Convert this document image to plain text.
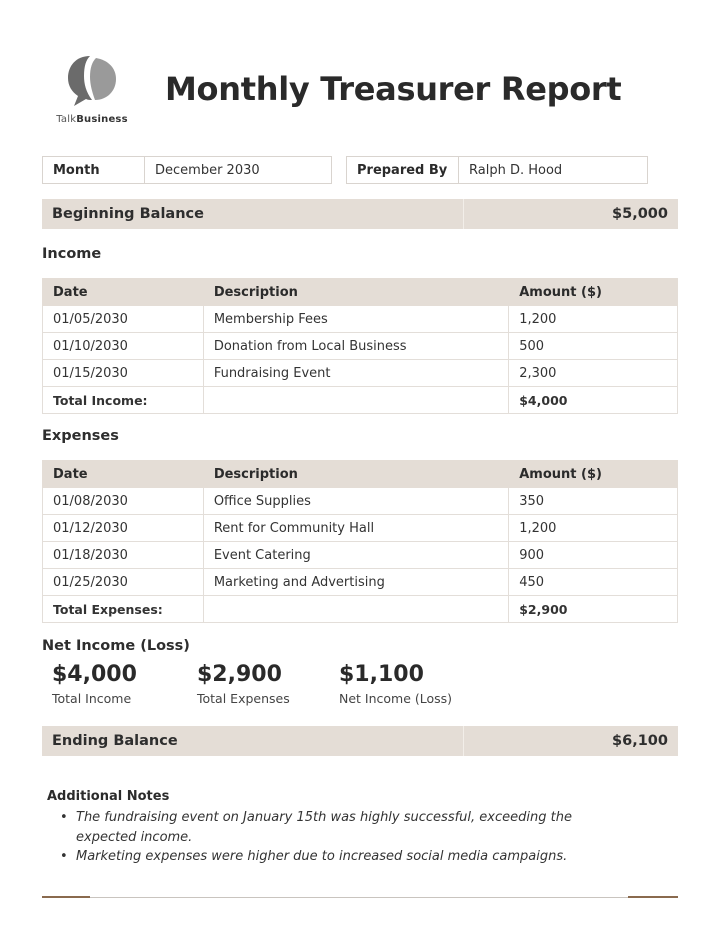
TalkBusiness
Monthly Treasurer Report
Month	December 2030	Prepared By	Ralph D. Hood
Beginning Balance	$5,000
Income
Date	Description	Amount ($)
01/05/2030	Membership Fees	1,200
01/10/2030	Donation from Local Business	500
01/15/2030	Fundraising Event	2,300
Total Income:		$4,000
Expenses
Date	Description	Amount ($)
01/08/2030	Office Supplies	350
01/12/2030	Rent for Community Hall	1,200
01/18/2030	Event Catering	900
01/25/2030	Marketing and Advertising	450
Total Expenses:		$2,900
Net Income (Loss)
$4,000
Total Income
$2,900
Total Expenses
$1,100
Net Income (Loss)
Ending Balance	$6,100
Additional Notes
• The fundraising event on January 15th was highly successful, exceeding the expected income.
• Marketing expenses were higher due to increased social media campaigns.
